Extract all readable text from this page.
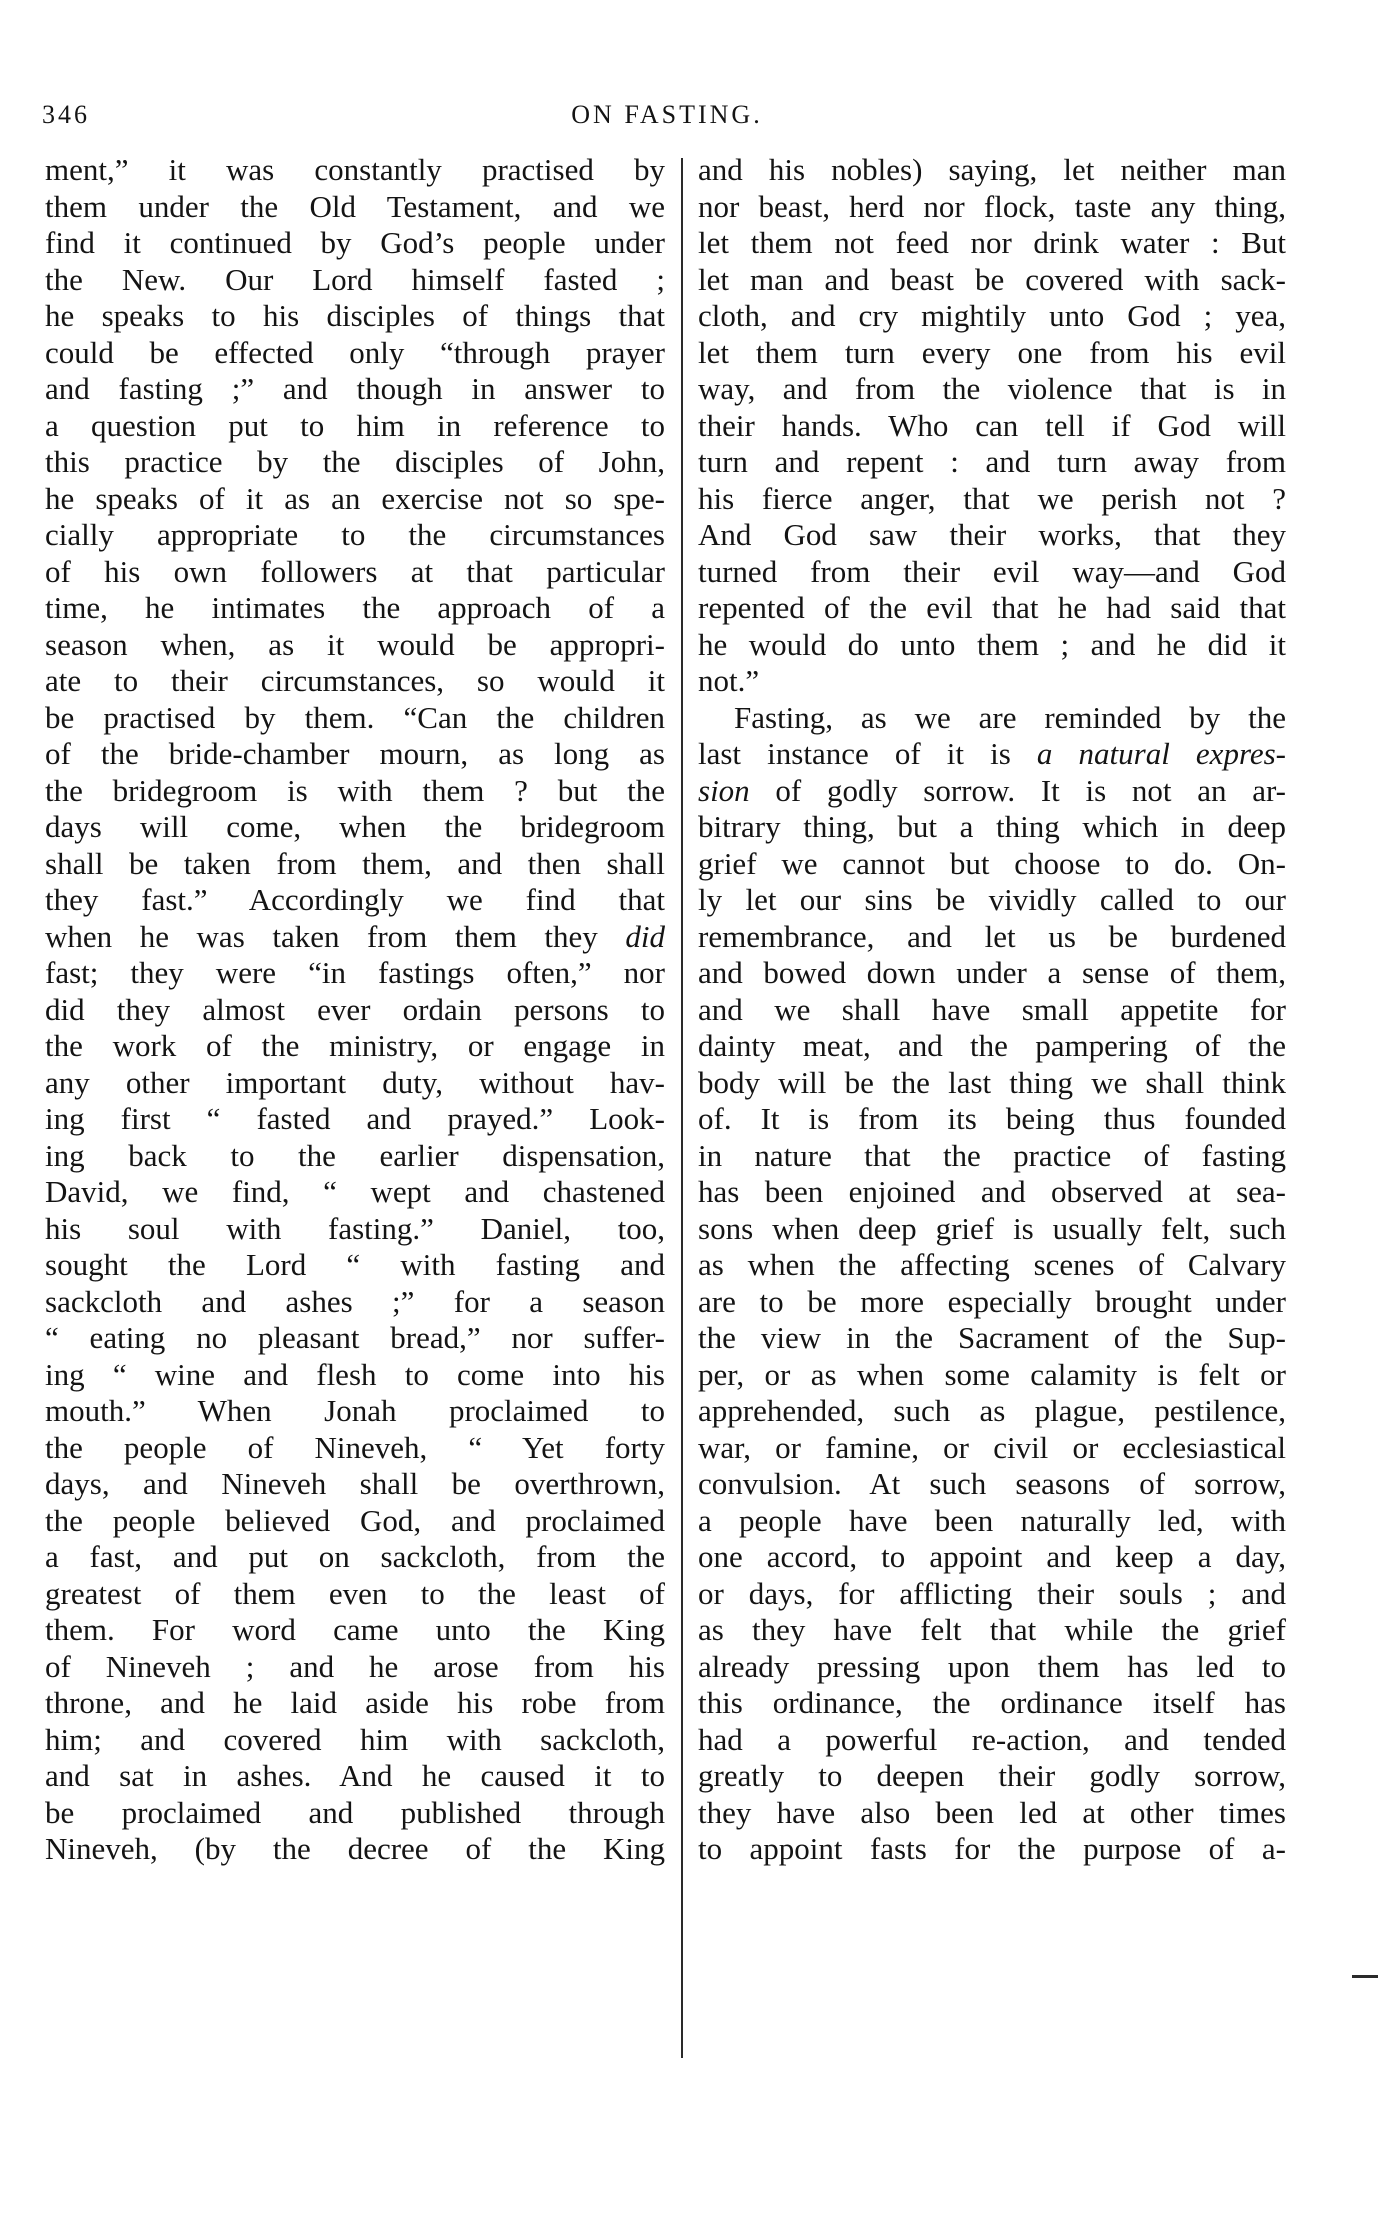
346	ON FASTING.
ment,” it was constantly practised by
them under the Old Testament, and we
find it continued by God’s people under
the New. Our Lord himself fasted ;
he speaks to his disciples of things that
could be effected only “through prayer
and fasting ;” and though in answer to
a question put to him in reference to
this practice by the disciples of John,
he speaks of it as an exercise not so spe-
cially appropriate to the circumstances
of his own followers at that particular
time, he intimates the approach of a
season when, as it would be appropri-
ate to their circumstances, so would it
be practised by them. “Can the children
of the bride-chamber mourn, as long as
the bridegroom is with them ? but the
days will come, when the bridegroom
shall be taken from them, and then shall
they fast.” Accordingly we find that
when he was taken from them they did
fast; they were “in fastings often,” nor
did they almost ever ordain persons to
the work of the ministry, or engage in
any other important duty, without hav-
ing first “ fasted and prayed.” Look-
ing back to the earlier dispensation,
David, we find, “ wept and chastened
his soul with fasting.” Daniel, too,
sought the Lord “ with fasting and
sackcloth and ashes ;” for a season
“ eating no pleasant bread,” nor suffer-
ing “ wine and flesh to come into his
mouth.” When Jonah proclaimed to
the people of Nineveh, “ Yet forty
days, and Nineveh shall be overthrown,
the people believed God, and proclaimed
a fast, and put on sackcloth, from the
greatest of them even to the least of
them. For word came unto the King
of Nineveh ; and he arose from his
throne, and he laid aside his robe from
him; and covered him with sackcloth,
and sat in ashes. And he caused it to
be proclaimed and published through
Nineveh, (by the decree of the King
and his nobles) saying, let neither man
nor beast, herd nor flock, taste any thing,
let them not feed nor drink water : But
let man and beast be covered with sack-
cloth, and cry mightily unto God ; yea,
let them turn every one from his evil
way, and from the violence that is in
their hands. Who can tell if God will
turn and repent : and turn away from
his fierce anger, that we perish not ?
And God saw their works, that they
turned from their evil way—and God
repented of the evil that he had said that
he would do unto them ; and he did it
not.”
Fasting, as we are reminded by the
last instance of it is a natural expres-
sion of godly sorrow. It is not an ar-
bitrary thing, but a thing which in deep
grief we cannot but choose to do. On-
ly let our sins be vividly called to our
remembrance, and let us be burdened
and bowed down under a sense of them,
and we shall have small appetite for
dainty meat, and the pampering of the
body will be the last thing we shall think
of. It is from its being thus founded
in nature that the practice of fasting
has been enjoined and observed at sea-
sons when deep grief is usually felt, such
as when the affecting scenes of Calvary
are to be more especially brought under
the view in the Sacrament of the Sup-
per, or as when some calamity is felt or
apprehended, such as plague, pestilence,
war, or famine, or civil or ecclesiastical
convulsion. At such seasons of sorrow,
a people have been naturally led, with
one accord, to appoint and keep a day,
or days, for afflicting their souls ; and
as they have felt that while the grief
already pressing upon them has led to
this ordinance, the ordinance itself has
had a powerful re-action, and tended
greatly to deepen their godly sorrow,
they have also been led at other times
to appoint fasts for the purpose of a-
